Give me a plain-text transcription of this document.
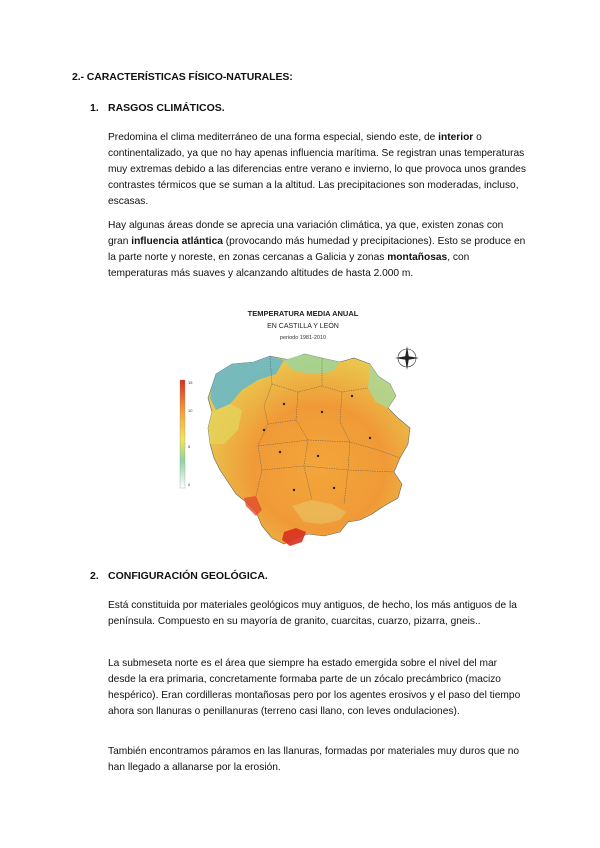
2.- CARACTERÍSTICAS FÍSICO-NATURALES:
1. RASGOS CLIMÁTICOS.

Predomina el clima mediterráneo de una forma especial, siendo este, de interior o continentalizado, ya que no hay apenas influencia marítima. Se registran unas temperaturas muy extremas debido a las diferencias entre verano e invierno, lo que provoca unos grandes contrastes térmicos que se suman a la altitud. Las precipitaciones son moderadas, incluso, escasas.

Hay algunas áreas donde se aprecia una variación climática, ya que, existen zonas con gran influencia atlántica (provocando más humedad y precipitaciones). Esto se produce en la parte norte y noreste, en zonas cercanas a Galicia y zonas montañosas, con temperaturas más suaves y alcanzando altitudes de hasta 2.000 m.

TEMPERATURA MEDIA ANUAL
EN CASTILLA Y LEÓN
periodo 1981-2010
15
10
5
0
2. CONFIGURACIÓN GEOLÓGICA.

Está constituida por materiales geológicos muy antiguos, de hecho, los más antiguos de la península. Compuesto en su mayoría de granito, cuarcitas, cuarzo, pizarra, gneis..

La submeseta norte es el área que siempre ha estado emergida sobre el nivel del mar desde la era primaria, concretamente formaba parte de un zócalo precámbrico (macizo hespérico). Eran cordilleras montañosas pero por los agentes erosivos y el paso del tiempo ahora son llanuras o penillanuras (terreno casi llano, con leves ondulaciones).

También encontramos páramos en las llanuras, formadas por materiales muy duros que no han llegado a allanarse por la erosión.
